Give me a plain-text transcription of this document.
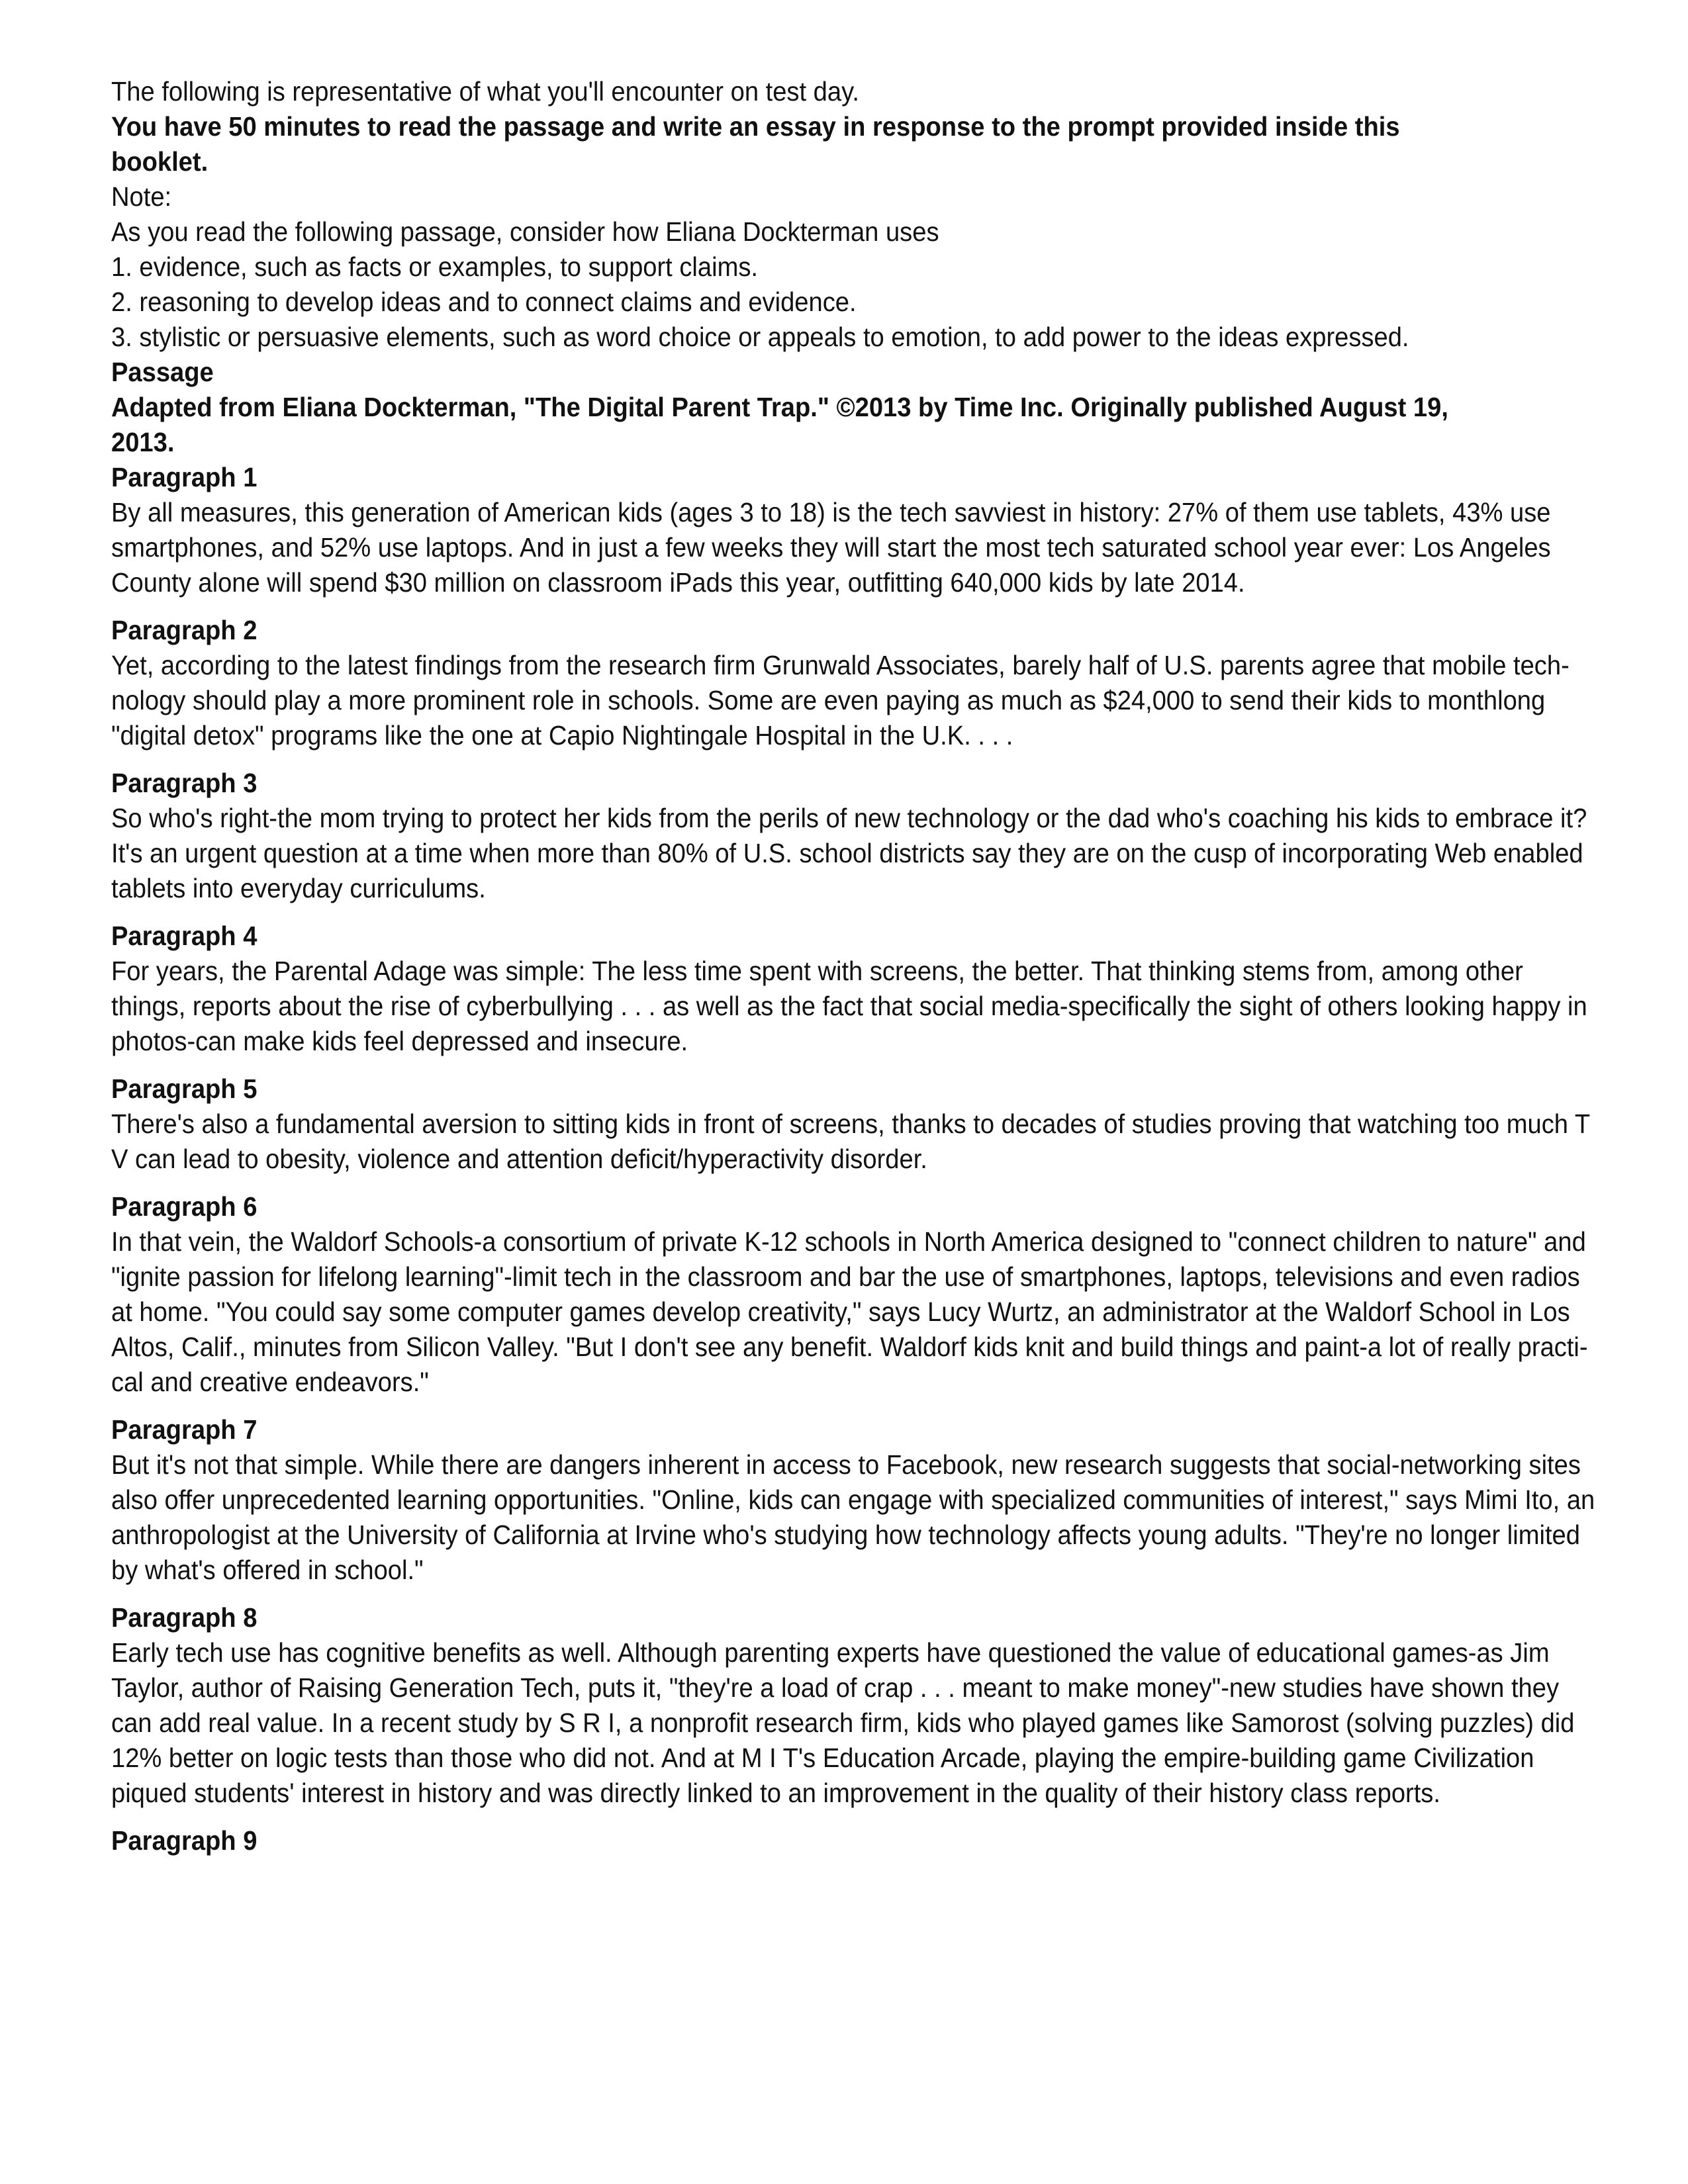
The following is representative of what you'll encounter on test day.

You have 50 minutes to read the passage and write an essay in response to the prompt provided inside this booklet.

Note:

As you read the following passage, consider how Eliana Dockterman uses

1. evidence, such as facts or examples, to support claims.

2. reasoning to develop ideas and to connect claims and evidence.

3. stylistic or persuasive elements, such as word choice or appeals to emotion, to add power to the ideas expressed.

Passage

Adapted from Eliana Dockterman, "The Digital Parent Trap." ©2013 by Time Inc. Originally published August 19, 2013.

Paragraph 1

By all measures, this generation of American kids (ages 3 to 18) is the tech savviest in history: 27% of them use tablets, 43% use
smartphones, and 52% use laptops. And in just a few weeks they will start the most tech saturated school year ever: Los Angeles
County alone will spend $30 million on classroom iPads this year, outfitting 640,000 kids by late 2014.

Paragraph 2

Yet, according to the latest findings from the research firm Grunwald Associates, barely half of U.S. parents agree that mobile tech-
nology should play a more prominent role in schools. Some are even paying as much as $24,000 to send their kids to monthlong
"digital detox" programs like the one at Capio Nightingale Hospital in the U.K. . . .

Paragraph 3

So who's right-the mom trying to protect her kids from the perils of new technology or the dad who's coaching his kids to embrace it?
It's an urgent question at a time when more than 80% of U.S. school districts say they are on the cusp of incorporating Web enabled
tablets into everyday curriculums.

Paragraph 4

For years, the Parental Adage was simple: The less time spent with screens, the better. That thinking stems from, among other
things, reports about the rise of cyberbullying . . . as well as the fact that social media-specifically the sight of others looking happy in
photos-can make kids feel depressed and insecure.

Paragraph 5

There's also a fundamental aversion to sitting kids in front of screens, thanks to decades of studies proving that watching too much T
V can lead to obesity, violence and attention deficit/hyperactivity disorder.

Paragraph 6

In that vein, the Waldorf Schools-a consortium of private K-12 schools in North America designed to "connect children to nature" and
"ignite passion for lifelong learning"-limit tech in the classroom and bar the use of smartphones, laptops, televisions and even radios
at home. "You could say some computer games develop creativity," says Lucy Wurtz, an administrator at the Waldorf School in Los
Altos, Calif., minutes from Silicon Valley. "But I don't see any benefit. Waldorf kids knit and build things and paint-a lot of really practi-
cal and creative endeavors."

Paragraph 7

But it's not that simple. While there are dangers inherent in access to Facebook, new research suggests that social-networking sites
also offer unprecedented learning opportunities. "Online, kids can engage with specialized communities of interest," says Mimi Ito, an
anthropologist at the University of California at Irvine who's studying how technology affects young adults. "They're no longer limited
by what's offered in school."

Paragraph 8

Early tech use has cognitive benefits as well. Although parenting experts have questioned the value of educational games-as Jim
Taylor, author of Raising Generation Tech, puts it, "they're a load of crap . . . meant to make money"-new studies have shown they
can add real value. In a recent study by S R I, a nonprofit research firm, kids who played games like Samorost (solving puzzles) did
12% better on logic tests than those who did not. And at M I T's Education Arcade, playing the empire-building game Civilization
piqued students' interest in history and was directly linked to an improvement in the quality of their history class reports.

Paragraph 9
